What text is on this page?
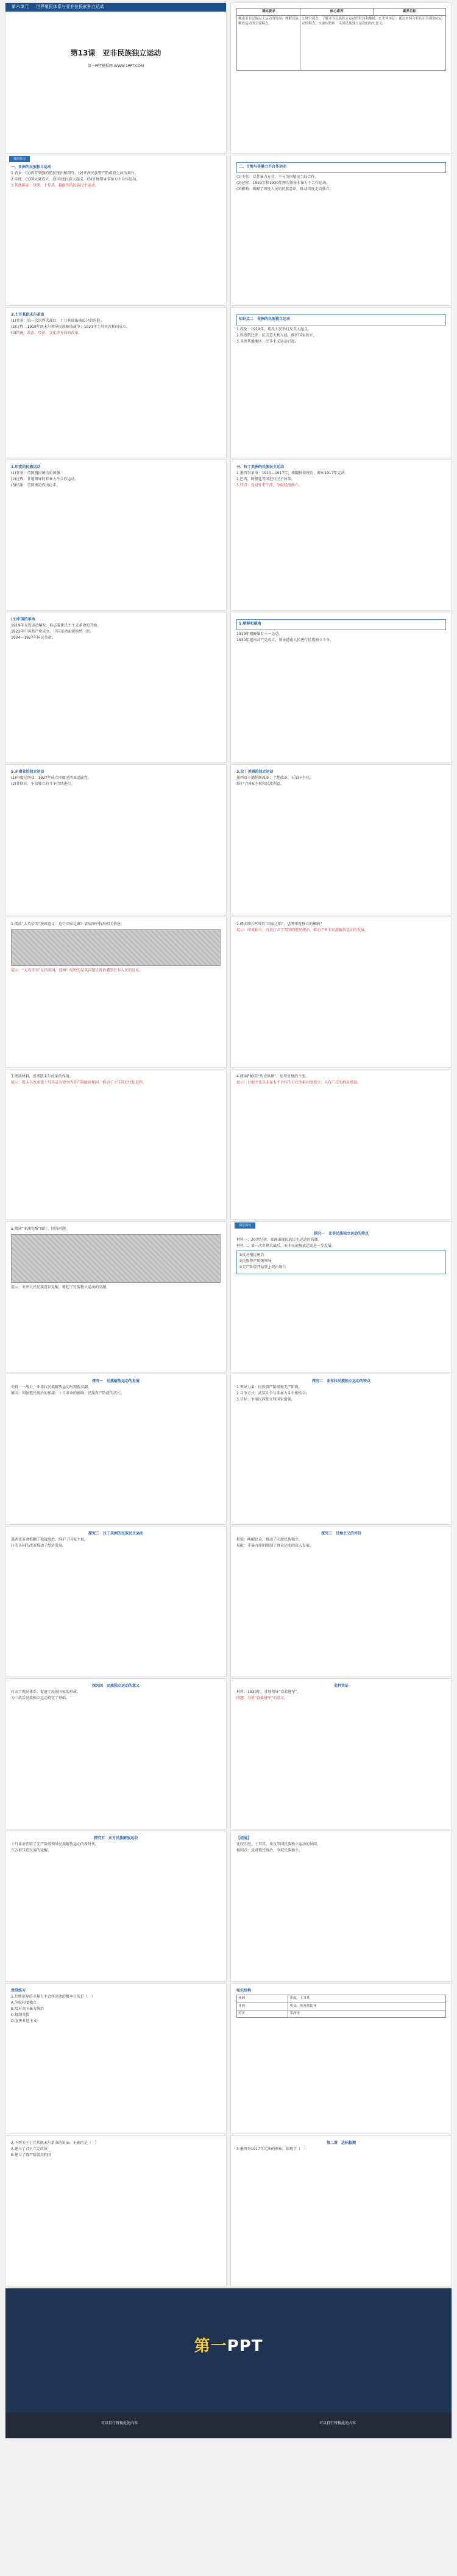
第六单元	世界殖民体系与亚非拉民族独立运动
第13课　亚非民族独立运动
第一PPT模板网-WWW.1PPT.COM
课标要求	核心素养	素养目标
概述亚非民族民主运动的发展；理解民族解放运动的主要特点。	1.时空观念：了解亚非民族独立运动的时间和地域。2.史料实证：通过材料分析认识各国独立运动的特点。3.家国情怀：认识民族独立运动的历史意义。	
课前预习
一、亚洲的民族独立运动
1.背景：(1)西方列强的殖民统治和掠夺。(2)亚洲民族资产阶级登上政治舞台。
2.印度：(1)国大党成立。(2)印度民族大起义。(3)甘地领导非暴力不合作运动。
3.其他国家：伊朗、土耳其、越南等的民族民主运动。
二、甘地与非暴力不合作运动
(1)主张：以非暴力方式，不与英国殖民当局合作。
(2)过程：1919年和1930年两次领导非暴力不合作运动。
(3)影响：唤醒了印度人民的民族意识，推动印度走向独立。
3.土耳其凯末尔革命
(1)背景：第一次世界大战后，土耳其面临被瓜分的危险。
(2)过程：1919年凯末尔领导民族解放战争；1923年土耳其共和国成立。
(3)措施：政治、经济、文化等方面的改革。
知识点二　非洲的民族独立运动
1.埃及：1919年，埃及人民举行反英大起义。
2.埃塞俄比亚：抗击意大利入侵，维护国家独立。
3.非洲其他地区：泛非主义运动兴起。
4.印度的民族运动
(1)背景：英国殖民统治的加强。
(2)过程：甘地领导的非暴力不合作运动。
(3)结果：英国被迫作出让步。
三、拉丁美洲的民族民主运动
1.墨西哥革命：1910—1917年，推翻独裁统治，颁布1917年宪法。
2.巴西、阿根廷等国进行民主改革。
3.特点：反对外来干涉，争取经济独立。
(3)中国的革命
1919年五四运动爆发，标志着新民主主义革命的开始。
1921年中国共产党成立，中国革命面貌焕然一新。
1924—1927年国民革命。
5.朝鲜和越南
1919年朝鲜爆发三一运动。
1930年越南共产党成立，领导越南人民进行民族独立斗争。
5.东南亚的独立运动
(1)印度尼西亚：1927年成立印度尼西亚民族党。
(2)菲律宾：争取独立的斗争持续进行。
3.拉丁美洲的独立运动
墨西哥卡德纳斯改革：土地改革、石油国有化。
维护了国家主权和民族利益。
1.阅读“大英帝国”漫画意义：这个国家是谁？请从图中找出相关信息。
提示：“大英帝国”是指英国，漫画中反映的是英国殖民统治遭到亚非人民的反抗。
2.阅读图片P79页“国家之船”，思考印度独立的影响？
提示：印度独立，沉重打击了英国的殖民统治，推动了亚非民族解放运动的发展。
3.阅读材料，思考凯末尔改革的作用。
提示：凯末尔改革使土耳其成为独立的资产阶级共和国，推动了土耳其近代化进程。
4.阅读P80页“历史纵横”，思考甘地的主张。
提示：甘地主张以非暴力不合作的方式争取印度独立，具有广泛的群众基础。
5.阅读“亚洲觉醒”图片，回答问题。
提示：亚洲人民民族意识觉醒，掀起了民族独立运动的高潮。
课堂探究
探究一　亚非民族独立运动的特点
材料一：20世纪初，亚洲出现民族民主运动的高潮。
材料二：第一次世界大战后，亚非民族解放运动进一步发展。
①反对殖民统治
②民族资产阶级领导
③无产阶级开始登上政治舞台
探究一　民族解放运动的发展
史料：一战后，亚非拉民族解放运动出现新高潮。
原因：列强殖民统治的加深；十月革命的影响；民族资产阶级的成长。
探究二　亚非拉民族独立运动的特点
1.领导力量：民族资产阶级和无产阶级。
2.斗争方式：武装斗争与非暴力斗争相结合。
3.目标：争取民族独立和国家富强。
探究三　拉丁美洲的民族民主运动
墨西哥革命推翻了独裁统治，维护了国家主权。
拉美各国的改革推动了经济发展。
探究三　甘地主义的评价
积极：唤醒民众，推动了印度民族独立。
局限：非暴力原则限制了群众运动的深入发展。
探究四　民族独立运动的意义
打击了殖民体系，促进了民族国家的形成。
为二战后民族独立运动奠定了基础。
史料实证
材料：1930年，甘地领导“食盐进军”。
问题：分析“食盐进军”的意义。
探究五　东方民族解放运动
十月革命开辟了无产阶级领导民族解放运动的新时代。
东方被压迫民族的觉醒。
【拓展】
比较印度、土耳其、埃及等国民族独立运动的异同。
相同点：反对殖民统治，争取民族独立。
课堂练习
1.甘地领导的非暴力不合作运动的根本目的是（　）
A.争取印度独立
B.反对英国暴力统治
C.抵制英货
D.宣传甘地主义
知识结构
亚洲	印度、土耳其
非洲	埃及、埃塞俄比亚
拉美	墨西哥
2.下列关于土耳其凯末尔革命的说法，正确的是（　）
A.建立了君主立宪政体
B.建立了资产阶级共和国
第二课　达标检测
3.墨西哥1917年宪法的颁布，体现了（　）
第一PPT
可以自行替换此处内容	可以自行替换此处内容
